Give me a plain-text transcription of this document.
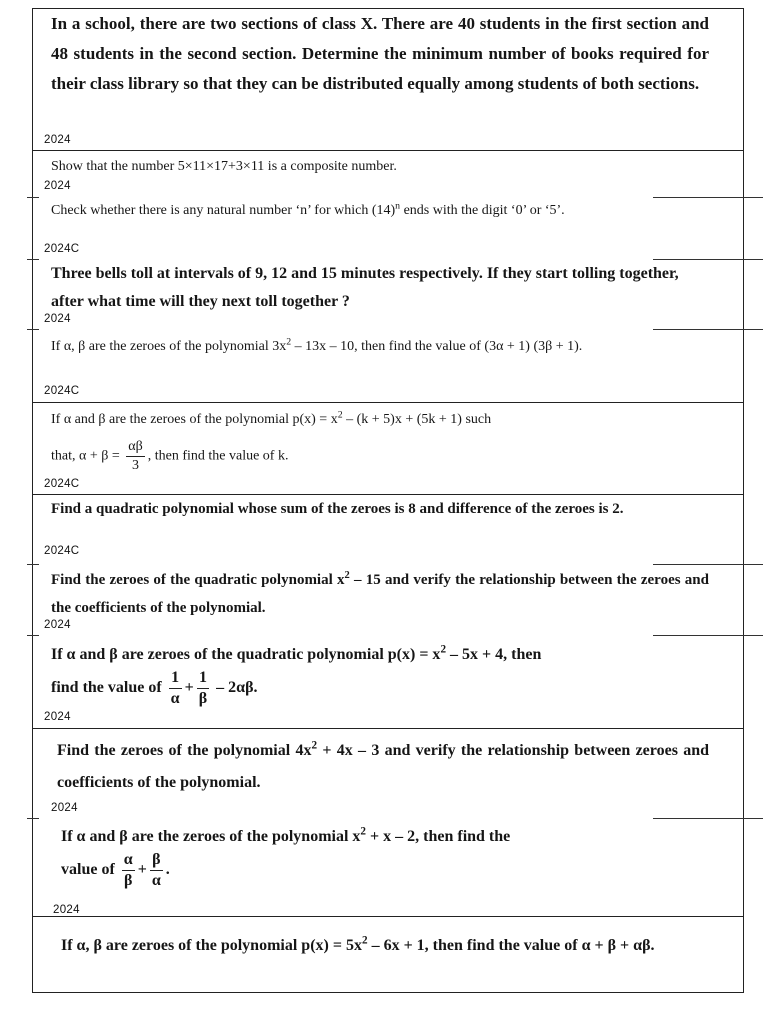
In a school, there are two sections of class X. There are 40 students in the first section and 48 students in the second section. Determine the minimum number of books required for their class library so that they can be distributed equally among students of both sections.

2024

Show that the number 5×11×17+3×11 is a composite number.

2024

Check whether there is any natural number ‘n’ for which $(14)^n$ ends with the digit ‘0’ or ‘5’.

2024C

Three bells toll at intervals of 9, 12 and 15 minutes respectively. If they start tolling together, after what time will they next toll together ?

2024

If α, β are the zeroes of the polynomial $3x^2 - 13x - 10$, then find the value of (3α + 1) (3β + 1).

2024C

If α and β are the zeroes of the polynomial $p(x) = x^2 - (k + 5)x + (5k + 1)$ such

that, $\alpha + \beta = \frac{\alpha\beta}{3}$ , then find the value of k.

2024C

Find a quadratic polynomial whose sum of the zeroes is 8 and difference of the zeroes is 2.

2024C

Find the zeroes of the quadratic polynomial $x^2 - 15$ and verify the relationship between the zeroes and the coefficients of the polynomial.

2024

If α and β are zeroes of the quadratic polynomial $p(x) = x^2 - 5x + 4$, then

find the value of $\frac{1}{\alpha} + \frac{1}{\beta} - 2\alpha\beta$.

2024

Find the zeroes of the polynomial $4x^2 + 4x - 3$ and verify the relationship between zeroes and coefficients of the polynomial.

2024

If α and β are the zeroes of the polynomial $x^2 + x - 2$, then find the

value of $\frac{\alpha}{\beta} + \frac{\beta}{\alpha}$ .

2024

If α, β are zeroes of the polynomial $p(x) = 5x^2 - 6x + 1$, then find the value of α + β + αβ.
